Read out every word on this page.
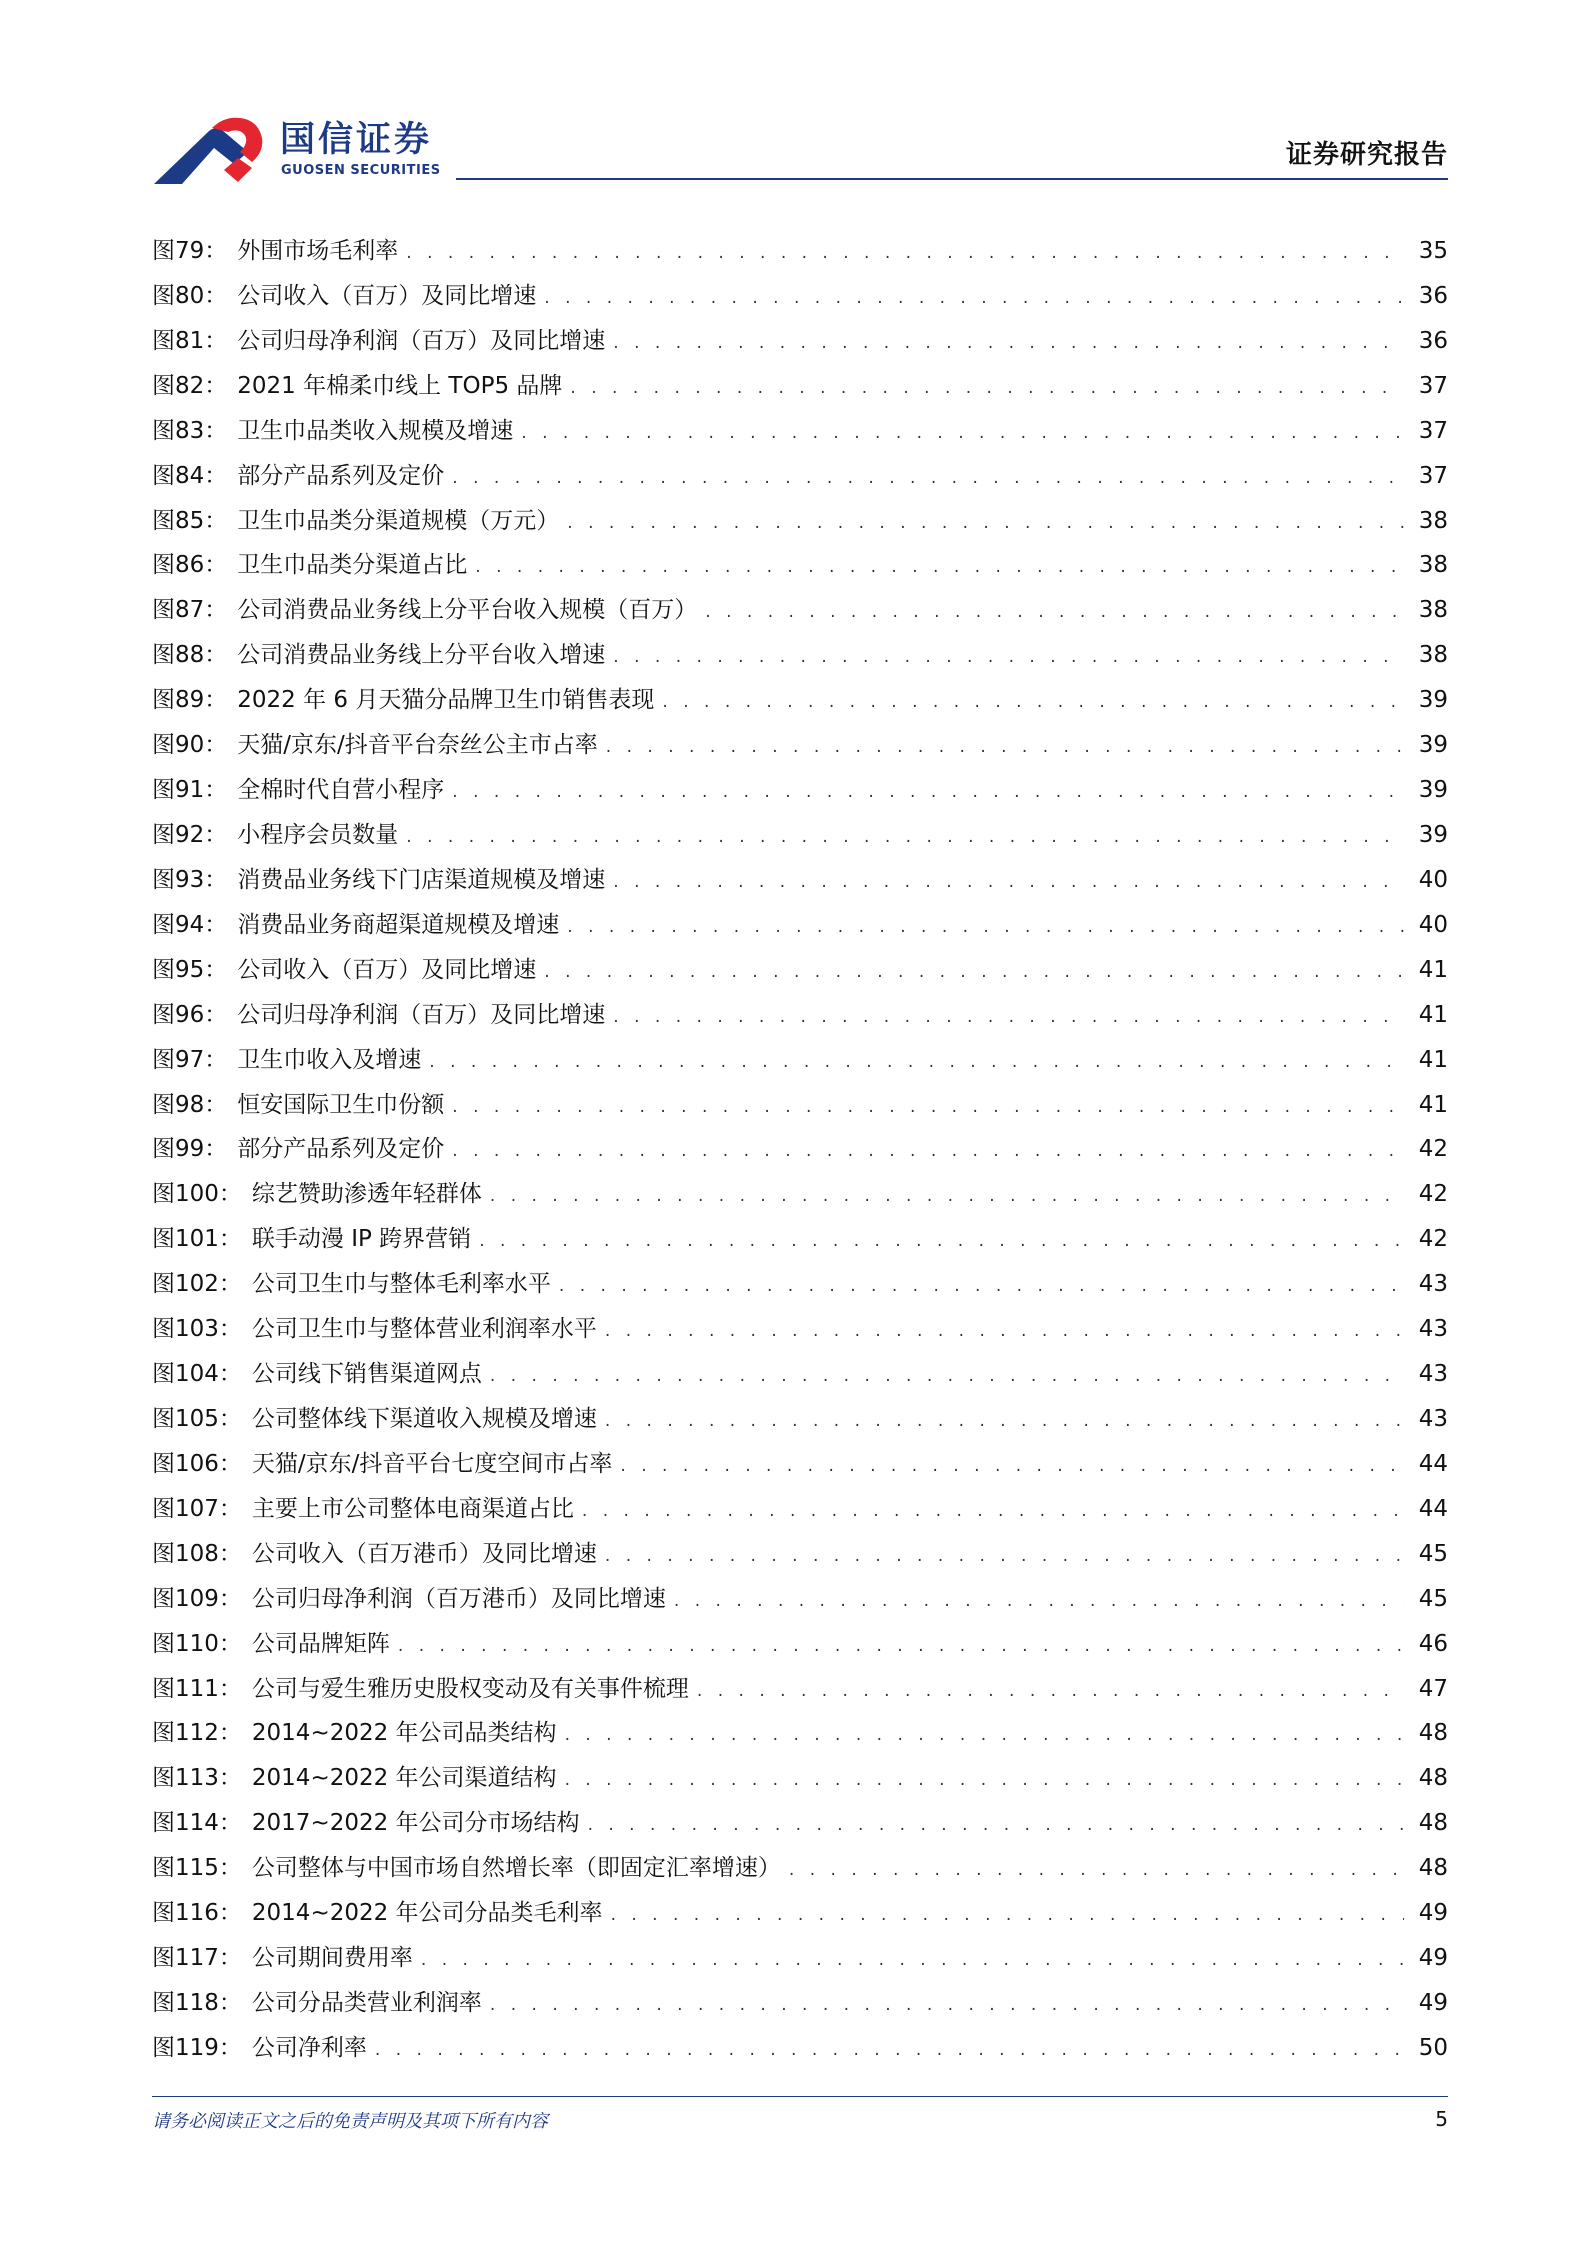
国信证券
GUOSEN SECURITIES
证券研究报告
图79： 外围市场毛利率 . . .	35
图80： 公司收入（百万）及同比增速 . . .	36
图81： 公司归母净利润（百万）及同比增速 . . .	36
图82： 2021 年棉柔巾线上 TOP5 品牌 . . .	37
图83： 卫生巾品类收入规模及增速 . . .	37
图84： 部分产品系列及定价 . . .	37
图85： 卫生巾品类分渠道规模（万元） . . .	38
图86： 卫生巾品类分渠道占比 . . .	38
图87： 公司消费品业务线上分平台收入规模（百万） . . .	38
图88： 公司消费品业务线上分平台收入增速 . . .	38
图89： 2022 年 6 月天猫分品牌卫生巾销售表现 . . .	39
图90： 天猫/京东/抖音平台奈丝公主市占率 . . .	39
图91： 全棉时代自营小程序 . . .	39
图92： 小程序会员数量 . . .	39
图93： 消费品业务线下门店渠道规模及增速 . . .	40
图94： 消费品业务商超渠道规模及增速 . . .	40
图95： 公司收入（百万）及同比增速 . . .	41
图96： 公司归母净利润（百万）及同比增速 . . .	41
图97： 卫生巾收入及增速 . . .	41
图98： 恒安国际卫生巾份额 . . .	41
图99： 部分产品系列及定价 . . .	42
图100： 综艺赞助渗透年轻群体 . . .	42
图101： 联手动漫 IP 跨界营销 . . .	42
图102： 公司卫生巾与整体毛利率水平 . . .	43
图103： 公司卫生巾与整体营业利润率水平 . . .	43
图104： 公司线下销售渠道网点 . . .	43
图105： 公司整体线下渠道收入规模及增速 . . .	43
图106： 天猫/京东/抖音平台七度空间市占率 . . .	44
图107： 主要上市公司整体电商渠道占比 . . .	44
图108： 公司收入（百万港币）及同比增速 . . .	45
图109： 公司归母净利润（百万港币）及同比增速 . . .	45
图110： 公司品牌矩阵 . . .	46
图111： 公司与爱生雅历史股权变动及有关事件梳理 . . .	47
图112： 2014~2022 年公司品类结构 . . .	48
图113： 2014~2022 年公司渠道结构 . . .	48
图114： 2017~2022 年公司分市场结构 . . .	48
图115： 公司整体与中国市场自然增长率（即固定汇率增速） . . .	48
图116： 2014~2022 年公司分品类毛利率 . . .	49
图117： 公司期间费用率 . . .	49
图118： 公司分品类营业利润率 . . .	49
图119： 公司净利率 . . .	50
请务必阅读正文之后的免责声明及其项下所有内容	5
